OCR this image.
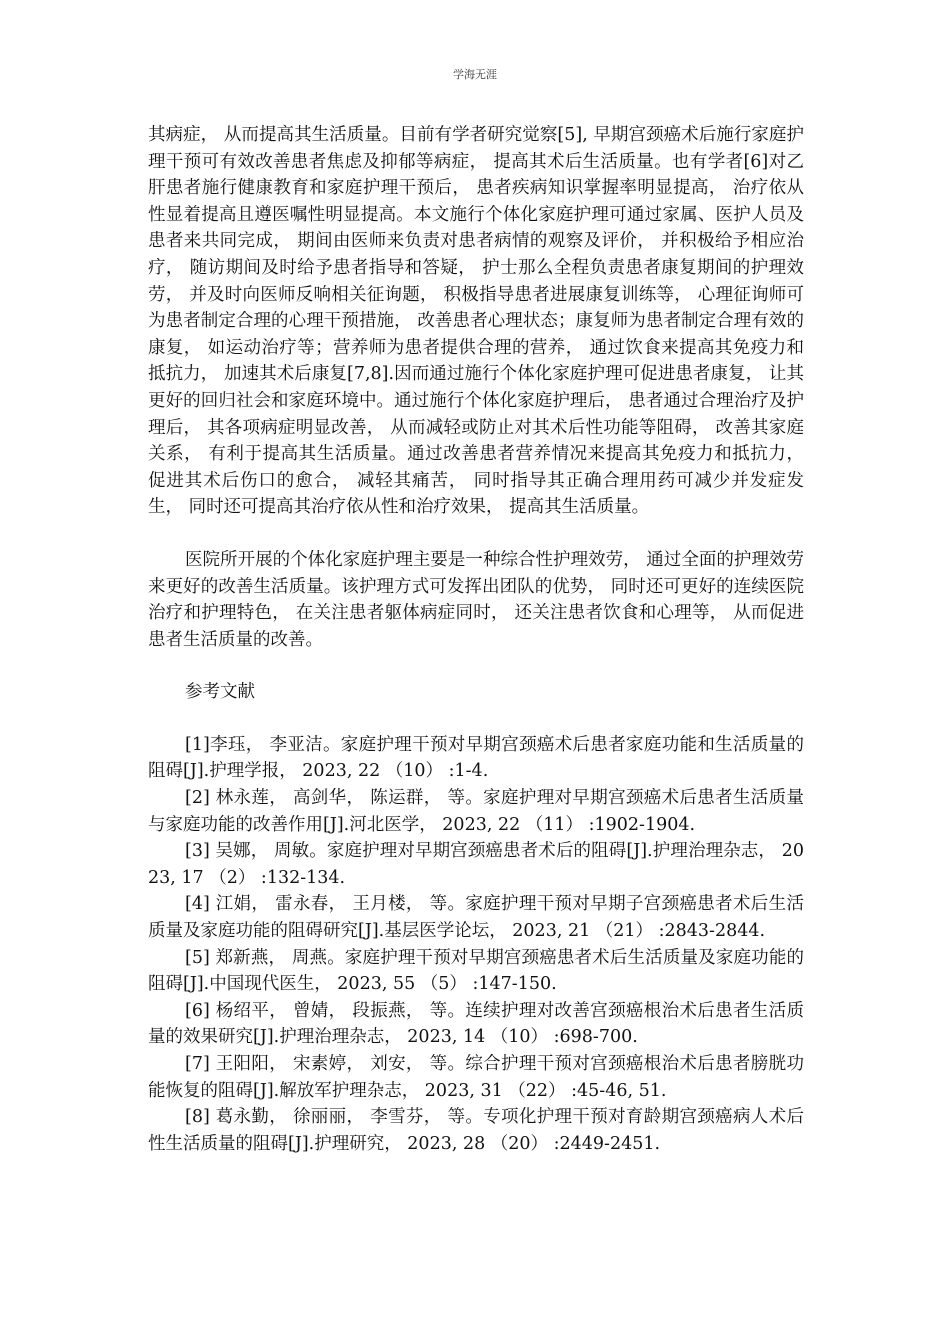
学海无涯

其病症， 从而提高其生活质量。目前有学者研究觉察[5], 早期宫颈癌术后施行家庭护理干预可有效改善患者焦虑及抑郁等病症， 提高其术后生活质量。也有学者[6]对乙肝患者施行健康教育和家庭护理干预后， 患者疾病知识掌握率明显提高， 治疗依从性显着提高且遵医嘱性明显提高。本文施行个体化家庭护理可通过家属、医护人员及患者来共同完成， 期间由医师来负责对患者病情的观察及评价， 并积极给予相应治疗， 随访期间及时给予患者指导和答疑， 护士那么全程负责患者康复期间的护理效劳， 并及时向医师反响相关征询题， 积极指导患者进展康复训练等， 心理征询师可为患者制定合理的心理干预措施， 改善患者心理状态；康复师为患者制定合理有效的康复， 如运动治疗等；营养师为患者提供合理的营养， 通过饮食来提高其免疫力和抵抗力， 加速其术后康复[7,8].因而通过施行个体化家庭护理可促进患者康复， 让其更好的回归社会和家庭环境中。通过施行个体化家庭护理后， 患者通过合理治疗及护理后， 其各项病症明显改善， 从而减轻或防止对其术后性功能等阻碍， 改善其家庭关系， 有利于提高其生活质量。通过改善患者营养情况来提高其免疫力和抵抗力， 促进其术后伤口的愈合， 减轻其痛苦， 同时指导其正确合理用药可减少并发症发生， 同时还可提高其治疗依从性和治疗效果， 提高其生活质量。

医院所开展的个体化家庭护理主要是一种综合性护理效劳， 通过全面的护理效劳来更好的改善生活质量。该护理方式可发挥出团队的优势， 同时还可更好的连续医院治疗和护理特色， 在关注患者躯体病症同时， 还关注患者饮食和心理等， 从而促进患者生活质量的改善。

参考文献

[1]李珏， 李亚洁。家庭护理干预对早期宫颈癌术后患者家庭功能和生活质量的阻碍[J].护理学报， 2023, 22 （10） :1-4.
[2] 林永莲， 高剑华， 陈运群， 等。家庭护理对早期宫颈癌术后患者生活质量与家庭功能的改善作用[J].河北医学， 2023, 22 （11） :1902-1904.
[3] 吴娜， 周敏。家庭护理对早期宫颈癌患者术后的阻碍[J].护理治理杂志， 2023, 17 （2） :132-134.
[4] 江娟， 雷永春， 王月楼， 等。家庭护理干预对早期子宫颈癌患者术后生活质量及家庭功能的阻碍研究[J].基层医学论坛， 2023, 21 （21） :2843-2844.
[5] 郑新燕， 周燕。家庭护理干预对早期宫颈癌患者术后生活质量及家庭功能的阻碍[J].中国现代医生， 2023, 55 （5） :147-150.
[6] 杨绍平， 曾婧， 段振燕， 等。连续护理对改善宫颈癌根治术后患者生活质量的效果研究[J].护理治理杂志， 2023, 14 （10） :698-700.
[7] 王阳阳， 宋素婷， 刘安， 等。综合护理干预对宫颈癌根治术后患者膀胱功能恢复的阻碍[J].解放军护理杂志， 2023, 31 （22） :45-46, 51.
[8] 葛永勤， 徐丽丽， 李雪芬， 等。专项化护理干预对育龄期宫颈癌病人术后性生活质量的阻碍[J].护理研究， 2023, 28 （20） :2449-2451.
